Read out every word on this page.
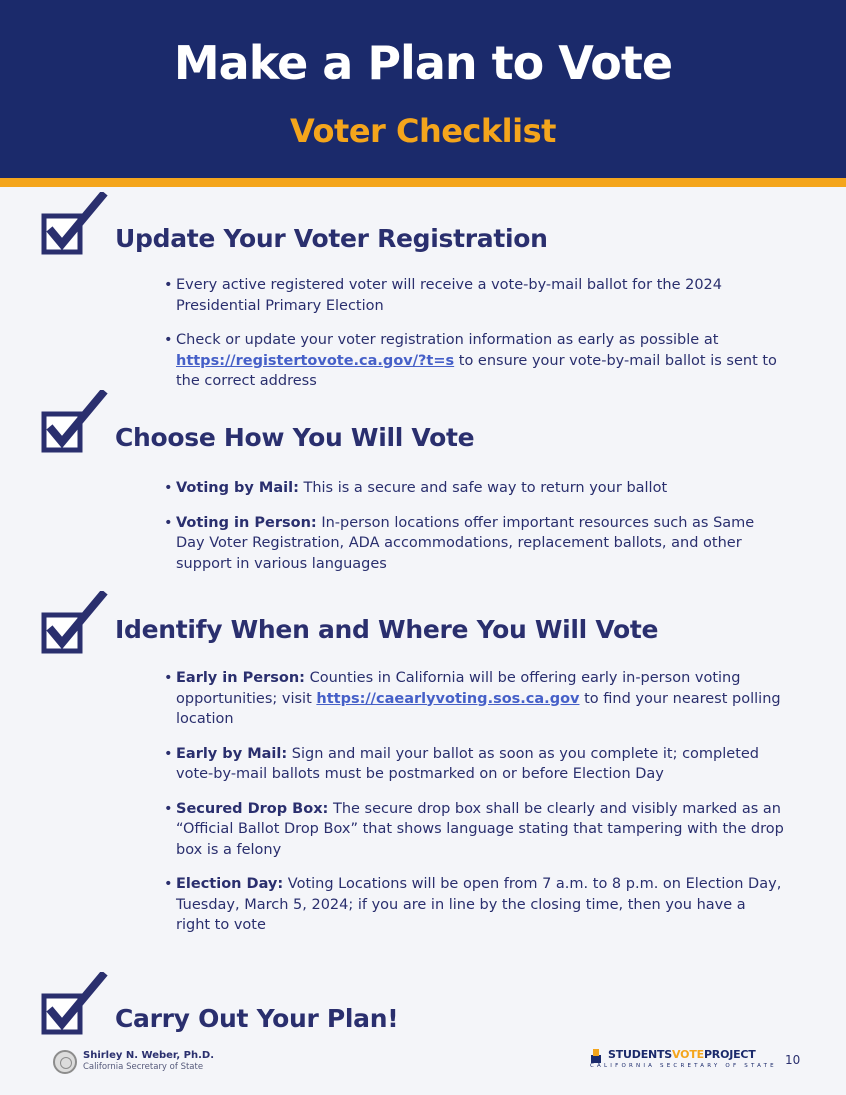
Make a Plan to Vote
Voter Checklist
Update Your Voter Registration
• Every active registered voter will receive a vote-by-mail ballot for the 2024 Presidential Primary Election
• Check or update your voter registration information as early as possible at https://registertovote.ca.gov/?t=s to ensure your vote-by-mail ballot is sent to the correct address
Choose How You Will Vote
• Voting by Mail: This is a secure and safe way to return your ballot
• Voting in Person: In-person locations offer important resources such as Same Day Voter Registration, ADA accommodations, replacement ballots, and other support in various languages
Identify When and Where You Will Vote
• Early in Person: Counties in California will be offering early in-person voting opportunities; visit https://caearlyvoting.sos.ca.gov to find your nearest polling location
• Early by Mail: Sign and mail your ballot as soon as you complete it; completed vote-by-mail ballots must be postmarked on or before Election Day
• Secured Drop Box: The secure drop box shall be clearly and visibly marked as an “Official Ballot Drop Box” that shows language stating that tampering with the drop box is a felony
• Election Day: Voting Locations will be open from 7 a.m. to 8 p.m. on Election Day, Tuesday, March 5, 2024; if you are in line by the closing time, then you have a right to vote
Carry Out Your Plan!
Shirley N. Weber, Ph.D.
California Secretary of State
STUDENTSVOTEPROJECT
CALIFORNIA SECRETARY OF STATE 10
